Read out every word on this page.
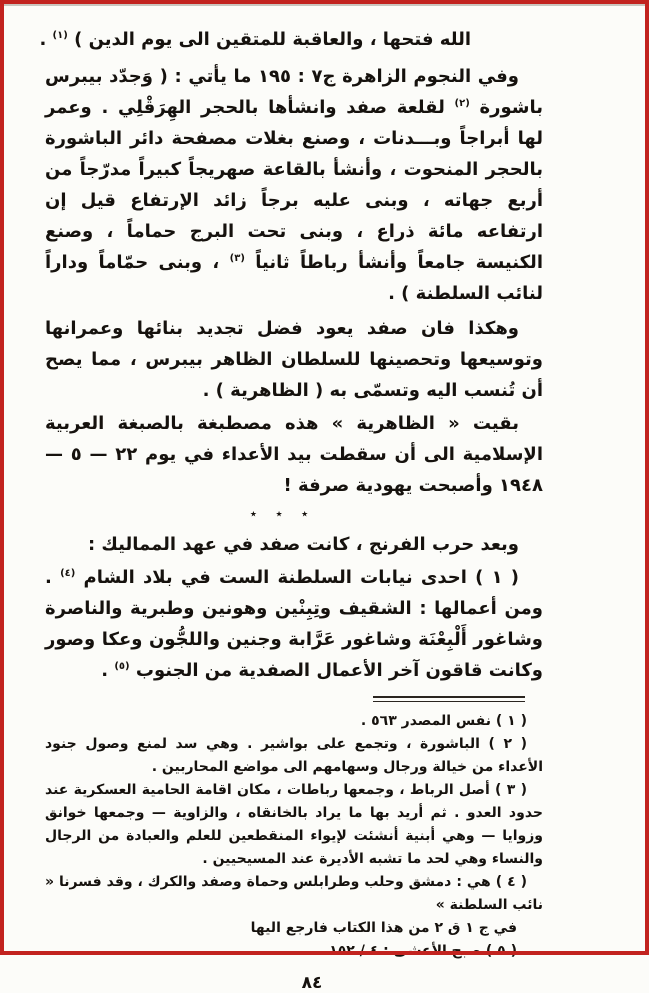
الله فتحها ، والعاقبة للمتقين الى يوم الدين ) $^{(١)}$ .

وفي النجوم الزاهرة ج٧ : ١٩٥ ما يأتي : ( وَجدّد بيبرس باشورة $^{(٢)}$ لقلعة صفد وانشأها بالحجر الهِرَقْلِي . وعمر لها أبراجاً وبـــدنات ، وصنع بغلات مصفحة دائر الباشورة بالحجر المنحوت ، وأنشأ بالقاعة صهريجاً كبيراً مدرّجاً من أربع جهاته ، وبنى عليه برجاً زائد الإرتفاع قيل إن ارتفاعه مائة ذراع ، وبنى تحت البرج حماماً ، وصنع الكنيسة جامعاً وأنشأ رباطاً ثانياً $^{(٣)}$ ، وبنى حمّاماً وداراً لنائب السلطنة ) .

وهكذا فان صفد يعود فضل تجديد بنائها وعمرانها وتوسيعها وتحصينها للسلطان الظاهر بيبرس ، مما يصح أن تُنسب اليه وتسمّى به ( الظاهرية ) .

بقيت « الظاهرية » هذه مصطبغة بالصبغة العربية الإسلامية الى أن سقطت بيد الأعداء في يوم ٢٢ — ٥ — ١٩٤٨ وأصبحت يهودية صرفة !

٭ ٭ ٭

وبعد حرب الفرنج ، كانت صفد في عهد المماليك :

( ١ ) احدى نيابات السلطنة الست في بلاد الشام $^{(٤)}$ . ومن أعمالها : الشقيف وتِبِنْين وهونين وطبرية والناصرة وشاغور أَلْبِعْنَة وشاغور عَرَّابة وجنين واللجُّون وعكا وصور وكانت قاقون آخر الأعمال الصفدية من الجنوب $^{(٥)}$ .

( ١ ) نفس المصدر ٥٦٣ .

( ٢ ) الباشورة ، وتجمع على بواشير . وهي سد لمنع وصول جنود الأعداء من خيالة ورجال وسهامهم الى مواضع المحاربين .

( ٣ ) أصل الرباط ، وجمعها رباطات ، مكان اقامة الحامية العسكرية عند حدود العدو . ثم أريد بها ما يراد بالخانقاه ، والزاوية — وجمعها خوانق وزوايا — وهي أبنية أنشئت لإيواء المنقطعين للعلم والعبادة من الرجال والنساء وهي لحد ما تشبه الأديرة عند المسيحيين .

( ٤ ) هي : دمشق وحلب وطرابلس وحماة وصفد والكرك ، وقد فسرنا « نائب السلطنة »

في ج ١ ق ٢ من هذا الكتاب فارجع اليها

( ٥ ) صبح الأعشى : ٤ / ١٥٢ .

٨٤
